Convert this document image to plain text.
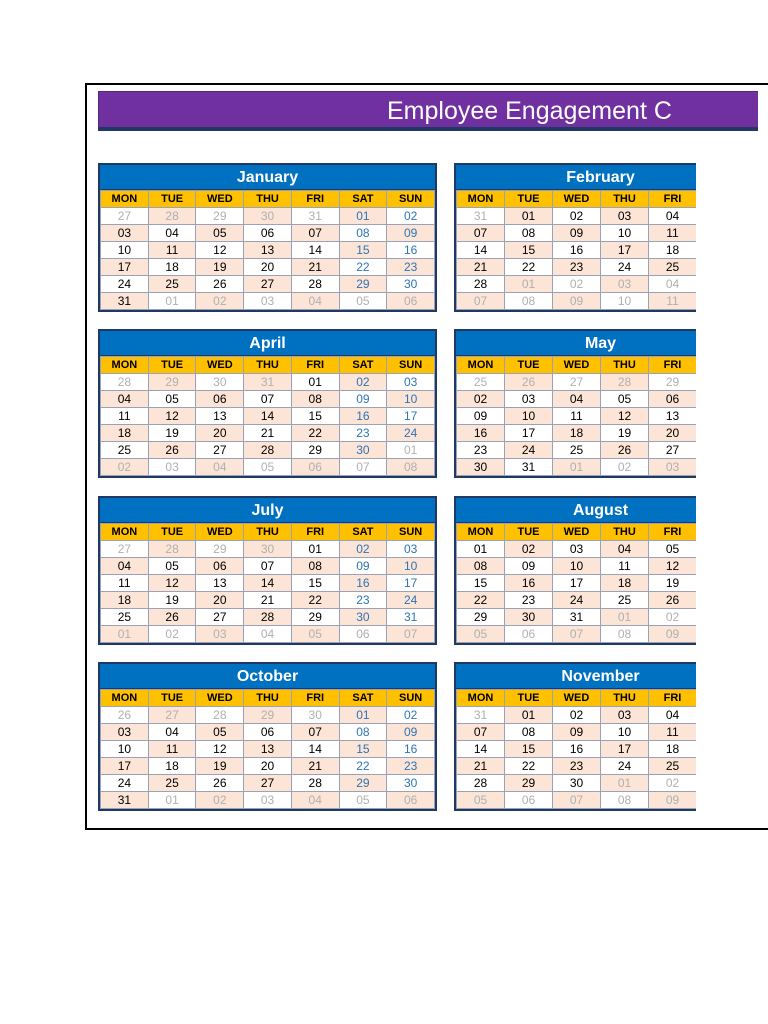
Employee Engagement C
January
MON	TUE	WED	THU	FRI	SAT	SUN
27	28	29	30	31	01	02
03	04	05	06	07	08	09
10	11	12	13	14	15	16
17	18	19	20	21	22	23
24	25	26	27	28	29	30
31	01	02	03	04	05	06
February
MON	TUE	WED	THU	FRI
31	01	02	03	04
07	08	09	10	11
14	15	16	17	18
21	22	23	24	25
28	01	02	03	04
07	08	09	10	11
April
MON	TUE	WED	THU	FRI	SAT	SUN
28	29	30	31	01	02	03
04	05	06	07	08	09	10
11	12	13	14	15	16	17
18	19	20	21	22	23	24
25	26	27	28	29	30	01
02	03	04	05	06	07	08
May
MON	TUE	WED	THU	FRI
25	26	27	28	29
02	03	04	05	06
09	10	11	12	13
16	17	18	19	20
23	24	25	26	27
30	31	01	02	03
July
MON	TUE	WED	THU	FRI	SAT	SUN
27	28	29	30	01	02	03
04	05	06	07	08	09	10
11	12	13	14	15	16	17
18	19	20	21	22	23	24
25	26	27	28	29	30	31
01	02	03	04	05	06	07
August
MON	TUE	WED	THU	FRI
01	02	03	04	05
08	09	10	11	12
15	16	17	18	19
22	23	24	25	26
29	30	31	01	02
05	06	07	08	09
October
MON	TUE	WED	THU	FRI	SAT	SUN
26	27	28	29	30	01	02
03	04	05	06	07	08	09
10	11	12	13	14	15	16
17	18	19	20	21	22	23
24	25	26	27	28	29	30
31	01	02	03	04	05	06
November
MON	TUE	WED	THU	FRI
31	01	02	03	04
07	08	09	10	11
14	15	16	17	18
21	22	23	24	25
28	29	30	01	02
05	06	07	08	09
